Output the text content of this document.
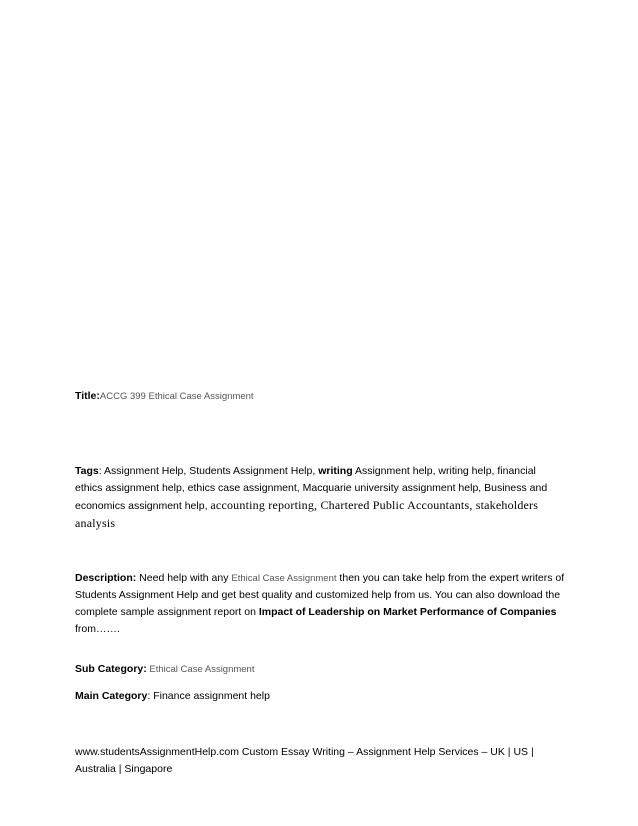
Title:ACCG 399 Ethical Case Assignment
Tags: Assignment Help, Students Assignment Help, writing Assignment help, writing help, financial ethics assignment help, ethics case assignment, Macquarie university assignment help, Business and economics assignment help, accounting reporting, Chartered Public Accountants, stakeholders analysis
Description: Need help with any Ethical Case Assignment then you can take help from the expert writers of Students Assignment Help and get best quality and customized help from us. You can also download the complete sample assignment report on Impact of Leadership on Market Performance of Companies from…….
Sub Category: Ethical Case Assignment
Main Category: Finance assignment help
www.studentsAssignmentHelp.com Custom Essay Writing – Assignment Help Services – UK | US | Australia | Singapore
